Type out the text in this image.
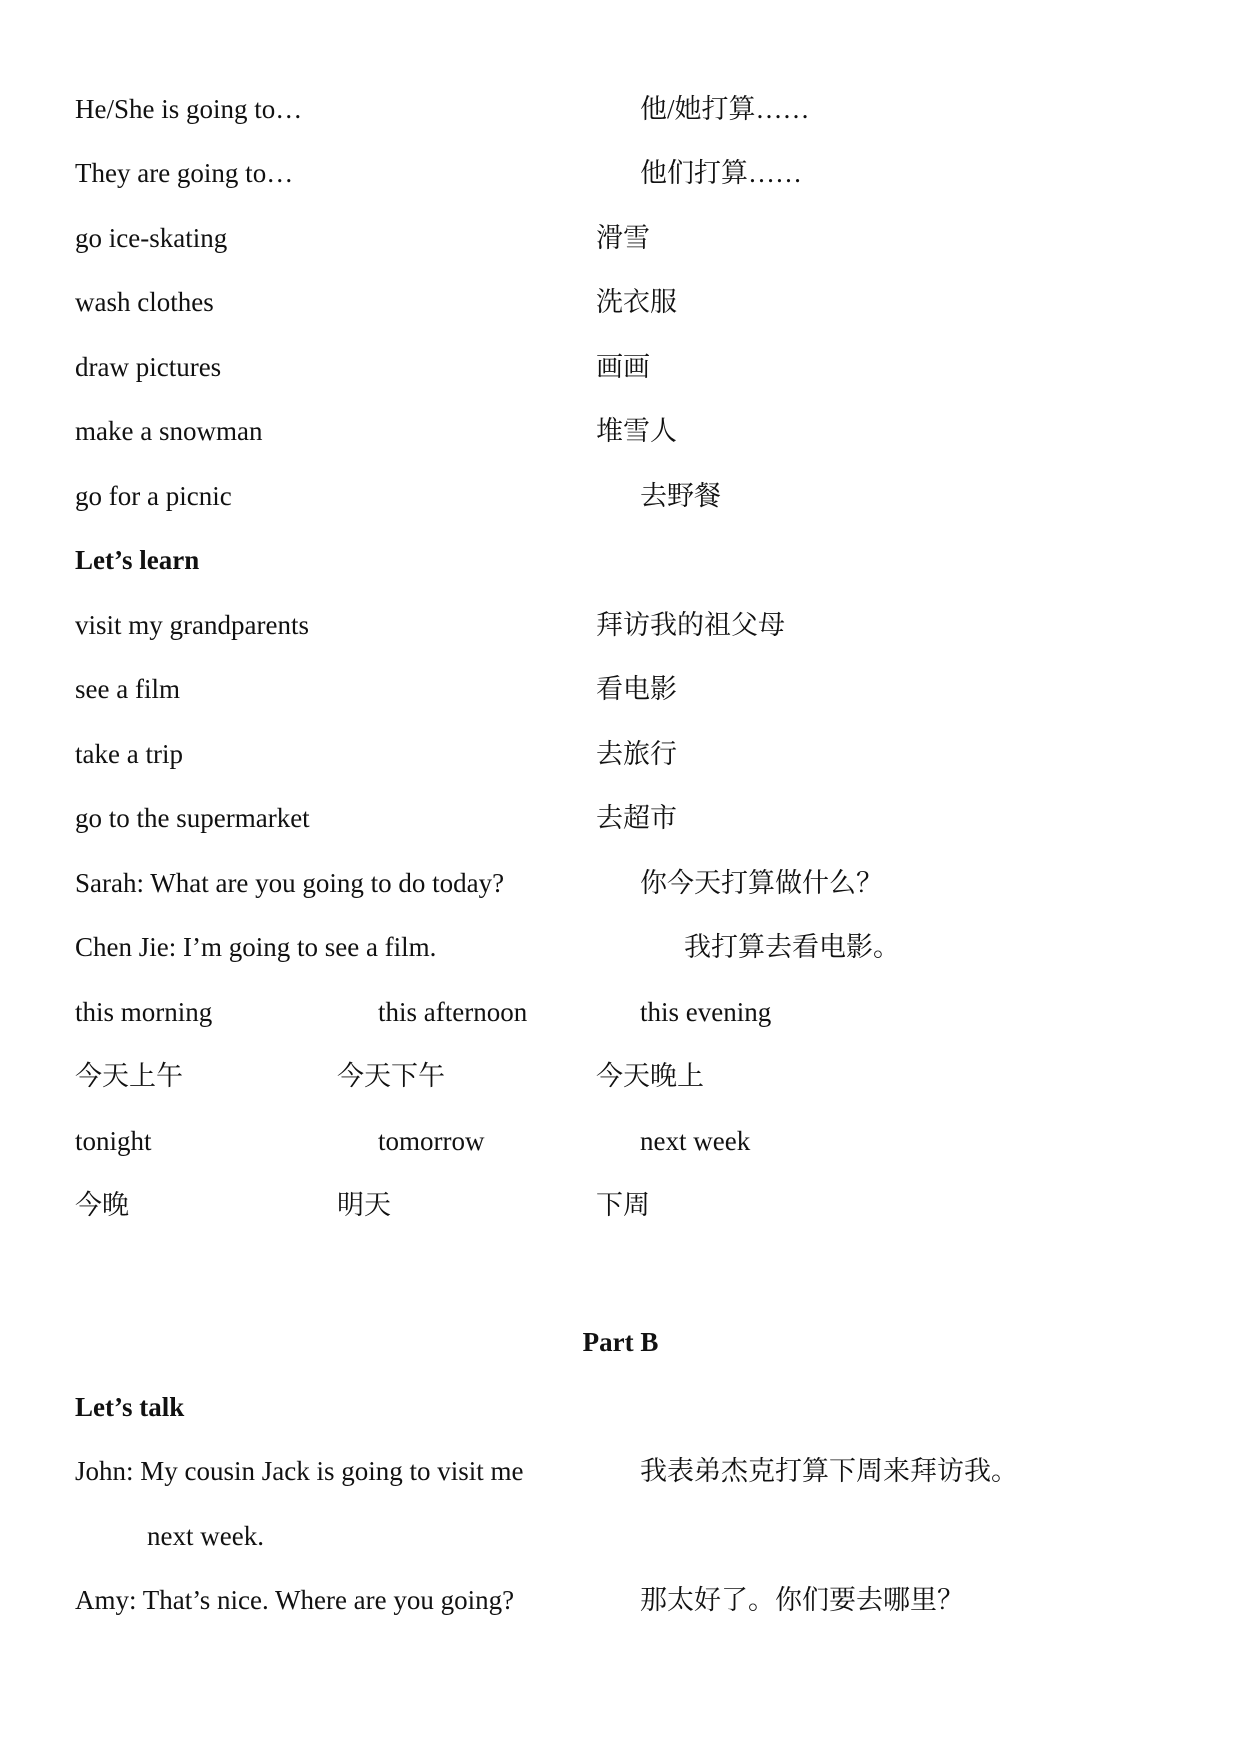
He/She is going to…	他/她打算……
They are going to…	他们打算……
go ice-skating	滑雪
wash clothes	洗衣服
draw pictures	画画
make a snowman	堆雪人
go for a picnic	去野餐
Let’s learn
visit my grandparents	拜访我的祖父母
see a film	看电影
take a trip	去旅行
go to the supermarket	去超市
Sarah: What are you going to do today?	你今天打算做什么？
Chen Jie: I’m going to see a film.	我打算去看电影。
this morning	this afternoon	this evening
今天上午	今天下午	今天晚上
tonight	tomorrow	next week
今晚	明天	下周
Part B
Let’s talk
John: My cousin Jack is going to visit me	我表弟杰克打算下周来拜访我。
next week.
Amy: That’s nice. Where are you going?	那太好了。你们要去哪里？
